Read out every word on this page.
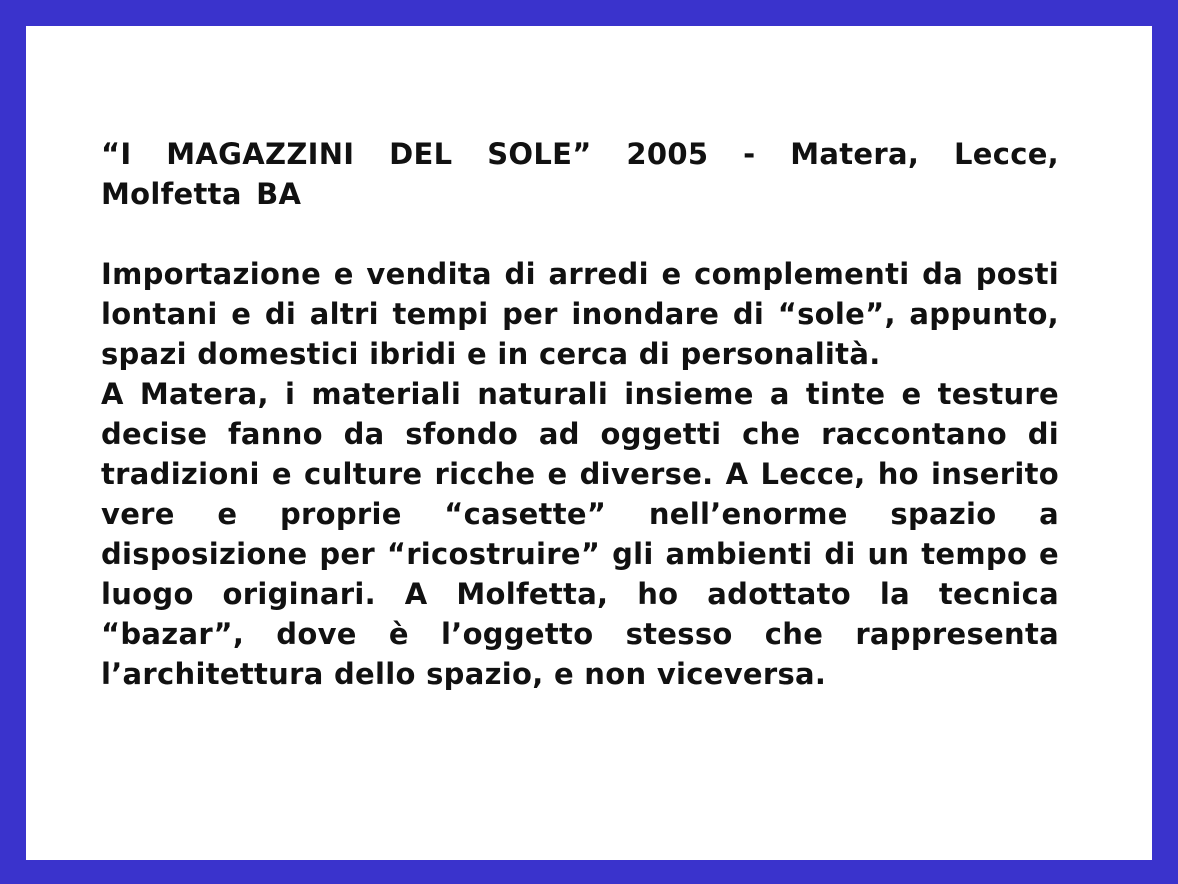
“I MAGAZZINI DEL SOLE” 2005 - Matera, Lecce, Molfetta BA

Importazione e vendita di arredi e complementi da posti lontani e di altri tempi per inondare di “sole”, appunto, spazi domestici ibridi e in cerca di personalità.

A Matera, i materiali naturali insieme a tinte e testure decise fanno da sfondo ad oggetti che raccontano di tradizioni e culture ricche e diverse. A Lecce, ho inserito vere e proprie “casette” nell’enorme spazio a disposizione per “ricostruire” gli ambienti di un tempo e luogo originari. A Molfetta, ho adottato la tecnica “bazar”, dove è l’oggetto stesso che rappresenta l’architettura dello spazio, e non viceversa.
